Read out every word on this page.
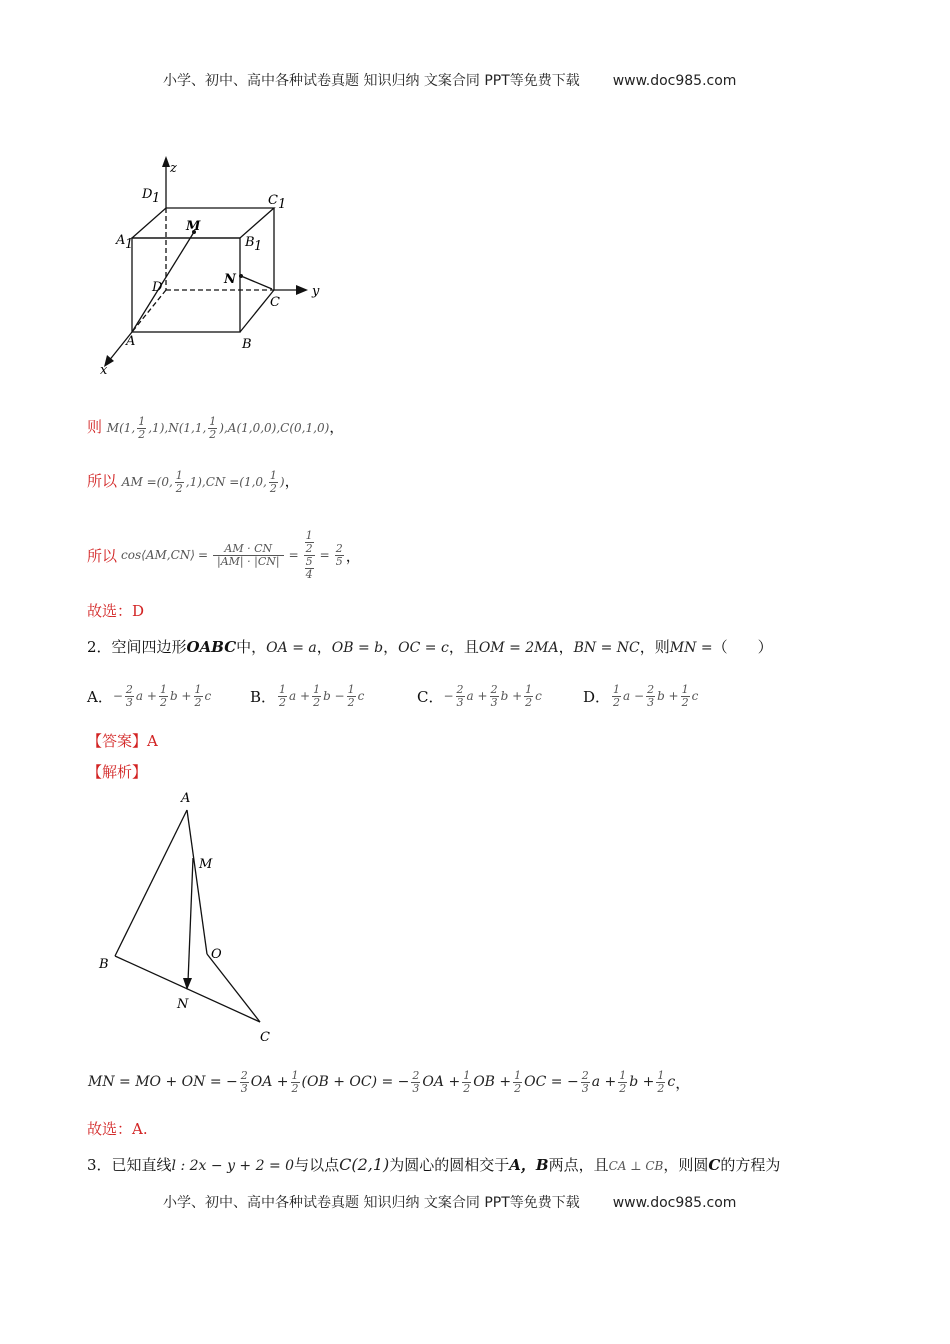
小学、初中、高中各种试卷真题 知识归纳 文案合同 PPT等免费下载 www.doc985.com
z
y
x
D 1	C 1
A 1	B 1
M
N
D
C
A	B
则 M(1, $\frac{1}{2} ,1),N(1,1$, $\frac{1}{2} ),A(1,0,0),C(0,1,0)$，
所以 AM =(0, $\frac{1}{2} ,1),CN =(1,0$, $\frac{1}{2}$ )，
所以 cos ⟨ AM,CN ⟩ = $\frac{AM \cdot CN}{|AM| \cdot |CN|} = \frac{\frac{1}{2}}{\frac{5}{4}} = \frac{2}{5}$ ，
故选：D
2．空间四边形OABC中，OA = a，OB = b，OC = c，且OM = 2MA，BN = NC，则MN =（　　）
A． − $\frac{2}{3}$ $a + \frac{1}{2}$ $b + \frac{1}{2}$ c	B． $\frac{1}{2}$ $a + \frac{1}{2}$ $b - \frac{1}{2}$ c	C． − $\frac{2}{3}$ $a + \frac{2}{3}$ $b + \frac{1}{2}$ c	D． $\frac{1}{2}$ $a - \frac{2}{3}$ $b + \frac{1}{2}$ c
【答案】A
【解析】
A
M
B
O
N
C
MN = MO + ON = − $\frac{2}{3}$ OA + $\frac{1}{2} (OB + OC)$ = − $\frac{2}{3}$ OA + $\frac{1}{2}$ OB + $\frac{1}{2}$ OC = − $\frac{2}{3}$ $a + \frac{1}{2}$ $b + \frac{1}{2}$ c ，
故选：A.
3．已知直线l : 2x − y + 2 = 0与以点C(2,1)为圆心的圆相交于A，B两点，且CA ⊥ CB，则圆C的方程为
小学、初中、高中各种试卷真题 知识归纳 文案合同 PPT等免费下载 www.doc985.com
